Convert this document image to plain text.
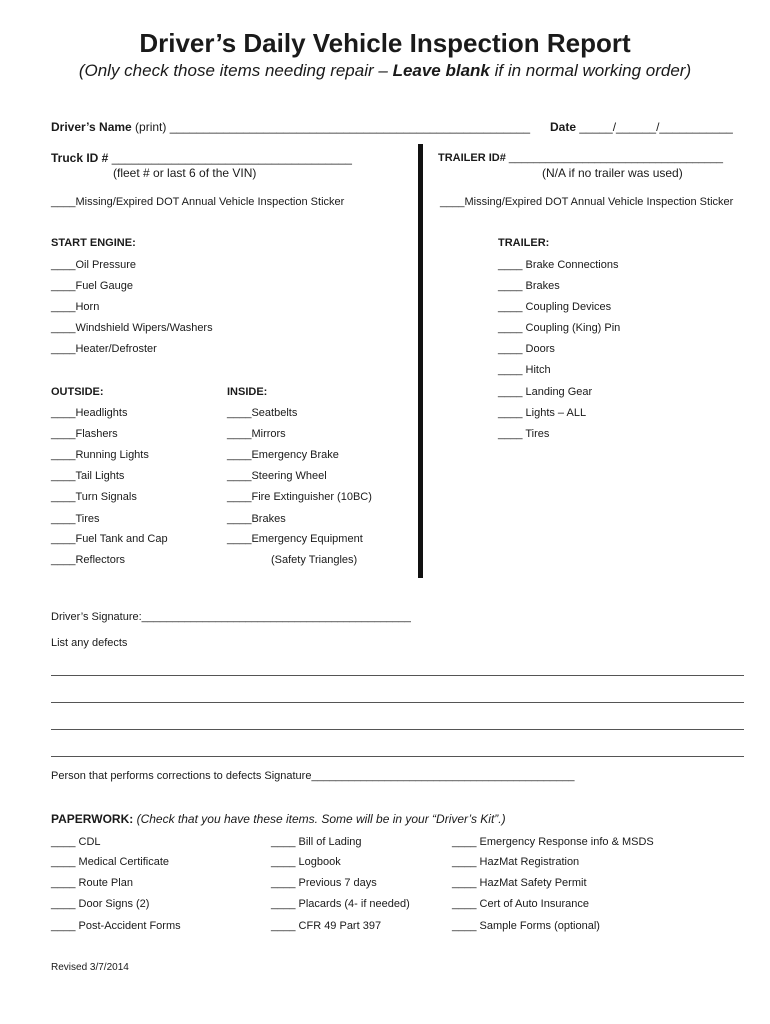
Driver’s Daily Vehicle Inspection Report
(Only check those items needing repair – Leave blank if in normal working order)
Driver’s Name (print) ______________________________________________________ Date _____/______/___________
Truck ID # ____________________________________
(fleet # or last 6 of the VIN)
TRAILER ID# ___________________________________
(N/A if no trailer was used)
____Missing/Expired DOT Annual Vehicle Inspection Sticker	____Missing/Expired DOT Annual Vehicle Inspection Sticker
START ENGINE:
____Oil Pressure
____Fuel Gauge
____Horn
____Windshield Wipers/Washers
____Heater/Defroster
TRAILER:
____ Brake Connections
____ Brakes
____ Coupling Devices
____ Coupling (King) Pin
____ Doors
____ Hitch
____ Landing Gear
____ Lights – ALL
____ Tires
OUTSIDE:
____Headlights
____Flashers
____Running Lights
____Tail Lights
____Turn Signals
____Tires
____Fuel Tank and Cap
____Reflectors
INSIDE:
____Seatbelts
____Mirrors
____Emergency Brake
____Steering Wheel
____Fire Extinguisher (10BC)
____Brakes
____Emergency Equipment
(Safety Triangles)
Driver’s Signature:____________________________________________
List any defects
Person that performs corrections to defects Signature___________________________________________
PAPERWORK: (Check that you have these items. Some will be in your “Driver’s Kit”.)
____ CDL
____ Medical Certificate
____ Route Plan
____ Door Signs (2)
____ Post-Accident Forms
____ Bill of Lading
____ Logbook
____ Previous 7 days
____ Placards (4- if needed)
____ CFR 49 Part 397
____ Emergency Response info & MSDS
____ HazMat Registration
____ HazMat Safety Permit
____ Cert of Auto Insurance
____ Sample Forms (optional)
Revised 3/7/2014
